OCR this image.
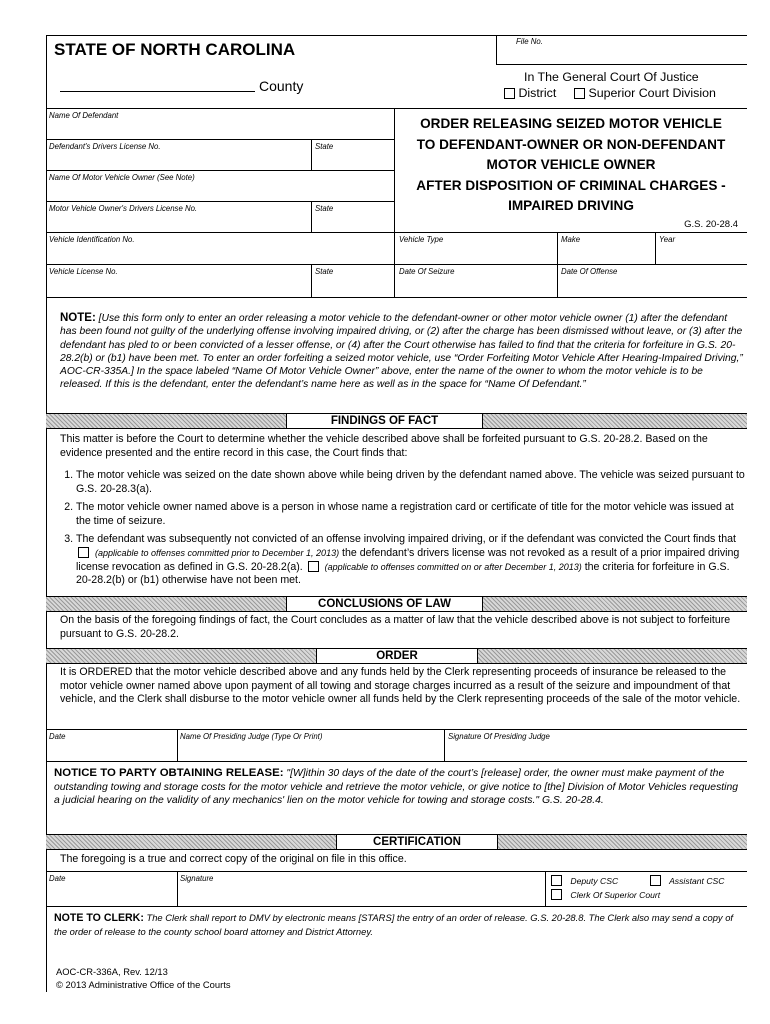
STATE OF NORTH CAROLINA	File No.
County
In The General Court Of Justice
District	Superior Court Division
Name Of Defendant
Defendant's Drivers License No.	State
Name Of Motor Vehicle Owner (See Note)
Motor Vehicle Owner's Drivers License No.	State
Vehicle Identification No.	Vehicle Type	Make	Year
Vehicle License No.	State	Date Of Seizure	Date Of Offense
ORDER RELEASING SEIZED MOTOR VEHICLE
TO DEFENDANT-OWNER OR NON-DEFENDANT
MOTOR VEHICLE OWNER
AFTER DISPOSITION OF CRIMINAL CHARGES -
IMPAIRED DRIVING
G.S. 20-28.4
NOTE: [Use this form only to enter an order releasing a motor vehicle to the defendant-owner or other motor vehicle owner (1) after the defendant has been found not guilty of the underlying offense involving impaired driving, or (2) after the charge has been dismissed without leave, or (3) after the defendant has pled to or been convicted of a lesser offense, or (4) after the Court otherwise has failed to find that the criteria for forfeiture in G.S. 20-28.2(b) or (b1) have been met. To enter an order forfeiting a seized motor vehicle, use “Order Forfeiting Motor Vehicle After Hearing-Impaired Driving,” AOC-CR-335A.] In the space labeled “Name Of Motor Vehicle Owner” above, enter the name of the owner to whom the motor vehicle is to be released. If this is the defendant, enter the defendant’s name here as well as in the space for “Name Of Defendant.”
FINDINGS OF FACT
This matter is before the Court to determine whether the vehicle described above shall be forfeited pursuant to G.S. 20-28.2. Based on the evidence presented and the entire record in this case, the Court finds that:
1. The motor vehicle was seized on the date shown above while being driven by the defendant named above. The vehicle was seized pursuant to G.S. 20-28.3(a).
2. The motor vehicle owner named above is a person in whose name a registration card or certificate of title for the motor vehicle was issued at the time of seizure.
3. The defendant was subsequently not convicted of an offense involving impaired driving, or if the defendant was convicted the Court finds that  (applicable to offenses committed prior to December 1, 2013) the defendant’s drivers license was not revoked as a result of a prior impaired driving license revocation as defined in G.S. 20-28.2(a). (applicable to offenses committed on or after December 1, 2013) the criteria for forfeiture in G.S. 20-28.2(b) or (b1) otherwise have not been met.
CONCLUSIONS OF LAW
On the basis of the foregoing findings of fact, the Court concludes as a matter of law that the vehicle described above is not subject to forfeiture pursuant to G.S. 20-28.2.
ORDER
It is ORDERED that the motor vehicle described above and any funds held by the Clerk representing proceeds of insurance be released to the motor vehicle owner named above upon payment of all towing and storage charges incurred as a result of the seizure and impoundment of that vehicle, and the Clerk shall disburse to the motor vehicle owner all funds held by the Clerk representing proceeds of the sale of the motor vehicle.
Date	Name Of Presiding Judge (Type Or Print)	Signature Of Presiding Judge
NOTICE TO PARTY OBTAINING RELEASE: "[W]ithin 30 days of the date of the court’s [release] order, the owner must make payment of the outstanding towing and storage costs for the motor vehicle and retrieve the motor vehicle, or give notice to [the] Division of Motor Vehicles requesting a judicial hearing on the validity of any mechanics' lien on the motor vehicle for towing and storage costs." G.S. 20-28.4.
CERTIFICATION
The foregoing is a true and correct copy of the original on file in this office.
Date	Signature	Deputy CSC	Assistant CSC
Clerk Of Superior Court
NOTE TO CLERK: The Clerk shall report to DMV by electronic means [STARS] the entry of an order of release. G.S. 20-28.8. The Clerk also may send a copy of the order of release to the county school board attorney and District Attorney.
AOC-CR-336A, Rev. 12/13
© 2013 Administrative Office of the Courts
